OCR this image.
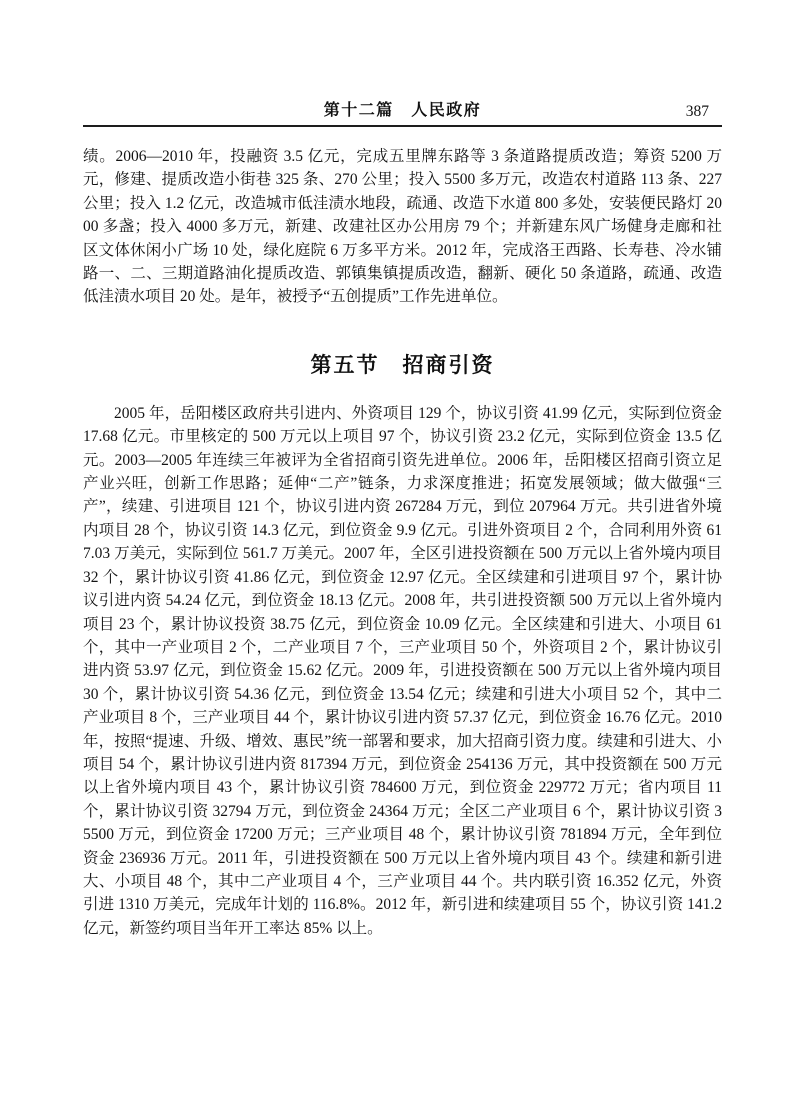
第十二篇　人民政府	387

绩。2006—2010 年，投融资 3.5 亿元，完成五里牌东路等 3 条道路提质改造；筹资 5200 万元，修建、提质改造小街巷 325 条、270 公里；投入 5500 多万元，改造农村道路 113 条、227 公里；投入 1.2 亿元，改造城市低洼渍水地段，疏通、改造下水道 800 多处，安装便民路灯 2000 多盏；投入 4000 多万元，新建、改建社区办公用房 79 个；并新建东风广场健身走廊和社区文体休闲小广场 10 处，绿化庭院 6 万多平方米。2012 年，完成洛王西路、长寿巷、冷水铺路一、二、三期道路油化提质改造、郭镇集镇提质改造，翻新、硬化 50 条道路，疏通、改造低洼渍水项目 20 处。是年，被授予“五创提质”工作先进单位。

第五节　招商引资

2005 年，岳阳楼区政府共引进内、外资项目 129 个，协议引资 41.99 亿元，实际到位资金 17.68 亿元。市里核定的 500 万元以上项目 97 个，协议引资 23.2 亿元，实际到位资金 13.5 亿元。2003—2005 年连续三年被评为全省招商引资先进单位。2006 年，岳阳楼区招商引资立足产业兴旺，创新工作思路；延伸“二产”链条，力求深度推进；拓宽发展领域；做大做强“三产”，续建、引进项目 121 个，协议引进内资 267284 万元，到位 207964 万元。共引进省外境内项目 28 个，协议引资 14.3 亿元，到位资金 9.9 亿元。引进外资项目 2 个，合同利用外资 617.03 万美元，实际到位 561.7 万美元。2007 年，全区引进投资额在 500 万元以上省外境内项目 32 个，累计协议引资 41.86 亿元，到位资金 12.97 亿元。全区续建和引进项目 97 个，累计协议引进内资 54.24 亿元，到位资金 18.13 亿元。2008 年，共引进投资额 500 万元以上省外境内项目 23 个，累计协议投资 38.75 亿元，到位资金 10.09 亿元。全区续建和引进大、小项目 61 个，其中一产业项目 2 个，二产业项目 7 个，三产业项目 50 个，外资项目 2 个，累计协议引进内资 53.97 亿元，到位资金 15.62 亿元。2009 年，引进投资额在 500 万元以上省外境内项目 30 个，累计协议引资 54.36 亿元，到位资金 13.54 亿元；续建和引进大小项目 52 个，其中二产业项目 8 个，三产业项目 44 个，累计协议引进内资 57.37 亿元，到位资金 16.76 亿元。2010 年，按照“提速、升级、增效、惠民”统一部署和要求，加大招商引资力度。续建和引进大、小项目 54 个，累计协议引进内资 817394 万元，到位资金 254136 万元，其中投资额在 500 万元以上省外境内项目 43 个，累计协议引资 784600 万元，到位资金 229772 万元；省内项目 11 个，累计协议引资 32794 万元，到位资金 24364 万元；全区二产业项目 6 个，累计协议引资 35500 万元，到位资金 17200 万元；三产业项目 48 个，累计协议引资 781894 万元，全年到位资金 236936 万元。2011 年，引进投资额在 500 万元以上省外境内项目 43 个。续建和新引进大、小项目 48 个，其中二产业项目 4 个，三产业项目 44 个。共内联引资 16.352 亿元，外资引进 1310 万美元，完成年计划的 116.8%。2012 年，新引进和续建项目 55 个，协议引资 141.2 亿元，新签约项目当年开工率达 85% 以上。
